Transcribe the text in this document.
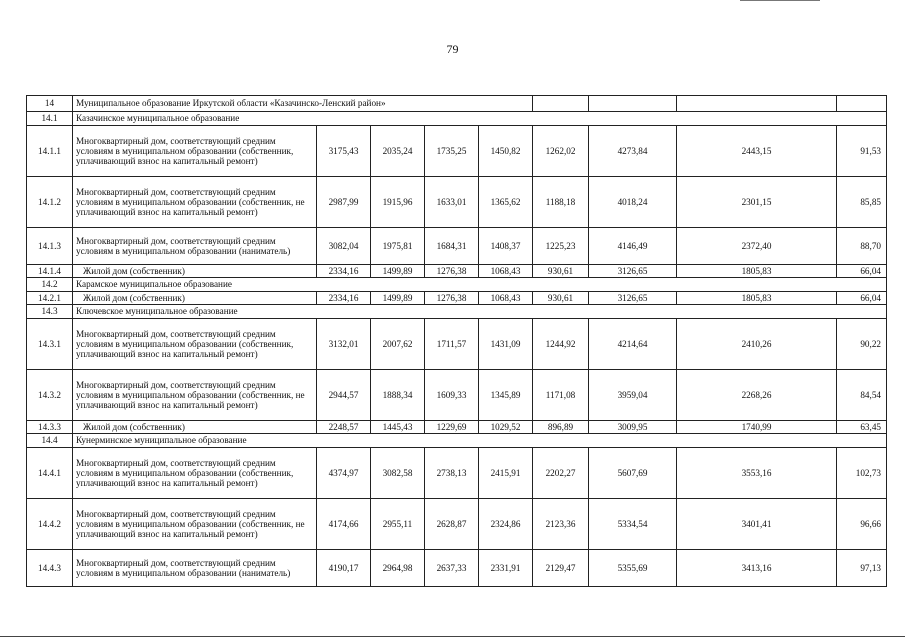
79
14	Муниципальное образование Иркутской области «Казачинско-Ленский район»								
14.1	Казачинское муниципальное образование								
14.1.1	Многоквартирный дом, соответствующий средним условиям в муниципальном образовании (собственник, уплачивающий взнос на капитальный ремонт)	3175,43	2035,24	1735,25	1450,82	1262,02	4273,84	2443,15	91,53
14.1.2	Многоквартирный дом, соответствующий средним условиям в муниципальном образовании (собственник, не уплачивающий взнос на капитальный ремонт)	2987,99	1915,96	1633,01	1365,62	1188,18	4018,24	2301,15	85,85
14.1.3	Многоквартирный дом, соответствующий средним условиям в муниципальном образовании (наниматель)	3082,04	1975,81	1684,31	1408,37	1225,23	4146,49	2372,40	88,70
14.1.4	Жилой дом (собственник)	2334,16	1499,89	1276,38	1068,43	930,61	3126,65	1805,83	66,04
14.2	Карамское муниципальное образование								
14.2.1	Жилой дом (собственник)	2334,16	1499,89	1276,38	1068,43	930,61	3126,65	1805,83	66,04
14.3	Ключевское муниципальное образование								
14.3.1	Многоквартирный дом, соответствующий средним условиям в муниципальном образовании (собственник, уплачивающий взнос на капитальный ремонт)	3132,01	2007,62	1711,57	1431,09	1244,92	4214,64	2410,26	90,22
14.3.2	Многоквартирный дом, соответствующий средним условиям в муниципальном образовании (собственник, не уплачивающий взнос на капитальный ремонт)	2944,57	1888,34	1609,33	1345,89	1171,08	3959,04	2268,26	84,54
14.3.3	Жилой дом (собственник)	2248,57	1445,43	1229,69	1029,52	896,89	3009,95	1740,99	63,45
14.4	Кунерминское муниципальное образование								
14.4.1	Многоквартирный дом, соответствующий средним условиям в муниципальном образовании (собственник, уплачивающий взнос на капитальный ремонт)	4374,97	3082,58	2738,13	2415,91	2202,27	5607,69	3553,16	102,73
14.4.2	Многоквартирный дом, соответствующий средним условиям в муниципальном образовании (собственник, не уплачивающий взнос на капитальный ремонт)	4174,66	2955,11	2628,87	2324,86	2123,36	5334,54	3401,41	96,66
14.4.3	Многоквартирный дом, соответствующий средним условиям в муниципальном образовании (наниматель)	4190,17	2964,98	2637,33	2331,91	2129,47	5355,69	3413,16	97,13
